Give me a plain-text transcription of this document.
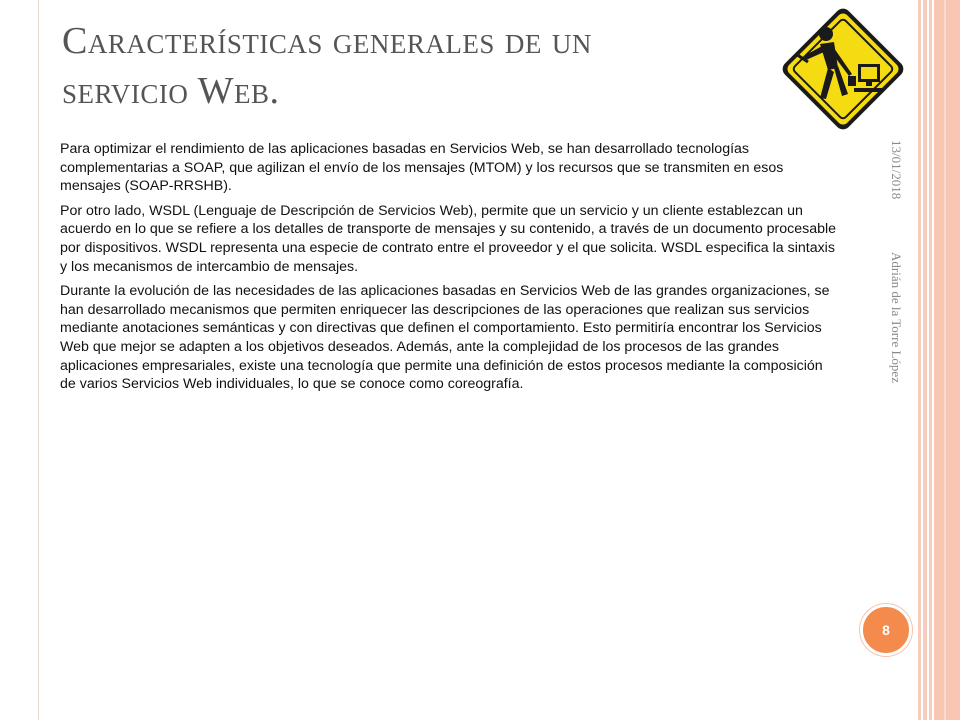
Características generales de un
servicio Web.

Para optimizar el rendimiento de las aplicaciones basadas en Servicios Web, se han desarrollado tecnologías complementarias a SOAP, que agilizan el envío de los mensajes (MTOM) y los recursos que se transmiten en esos mensajes (SOAP-RRSHB).

Por otro lado, WSDL (Lenguaje de Descripción de Servicios Web), permite que un servicio y un cliente establezcan un acuerdo en lo que se refiere a los detalles de transporte de mensajes y su contenido, a través de un documento procesable por dispositivos. WSDL representa una especie de contrato entre el proveedor y el que solicita. WSDL especifica la sintaxis y los mecanismos de intercambio de mensajes.

Durante la evolución de las necesidades de las aplicaciones basadas en Servicios Web de las grandes organizaciones, se han desarrollado mecanismos que permiten enriquecer las descripciones de las operaciones que realizan sus servicios mediante anotaciones semánticas y con directivas que definen el comportamiento. Esto permitiría encontrar los Servicios Web que mejor se adapten a los objetivos deseados. Además, ante la complejidad de los procesos de las grandes aplicaciones empresariales, existe una tecnología que permite una definición de estos procesos mediante la composición de varios Servicios Web individuales, lo que se conoce como coreografía.

13/01/2018
Adrián de la Torre López
8
